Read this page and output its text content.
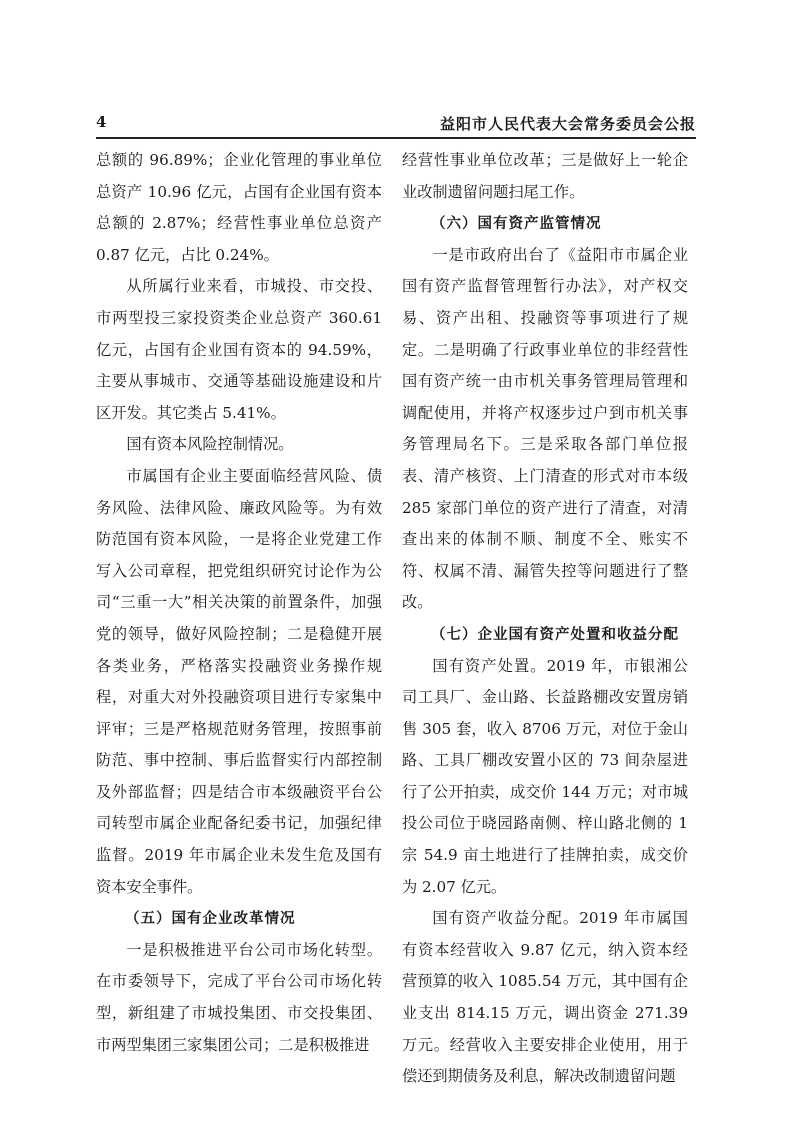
4	益阳市人民代表大会常务委员会公报

总额的 96.89%；企业化管理的事业单位总资产 10.96 亿元，占国有企业国有资本总额的 2.87%；经营性事业单位总资产 0.87 亿元，占比 0.24%。

从所属行业来看，市城投、市交投、市两型投三家投资类企业总资产 360.61 亿元，占国有企业国有资本的 94.59%，主要从事城市、交通等基础设施建设和片区开发。其它类占 5.41%。

国有资本风险控制情况。

市属国有企业主要面临经营风险、债务风险、法律风险、廉政风险等。为有效防范国有资本风险，一是将企业党建工作写入公司章程，把党组织研究讨论作为公司“三重一大”相关决策的前置条件，加强党的领导，做好风险控制；二是稳健开展各类业务，严格落实投融资业务操作规程，对重大对外投融资项目进行专家集中评审；三是严格规范财务管理，按照事前防范、事中控制、事后监督实行内部控制及外部监督；四是结合市本级融资平台公司转型市属企业配备纪委书记，加强纪律监督。2019 年市属企业未发生危及国有资本安全事件。

（五）国有企业改革情况

一是积极推进平台公司市场化转型。在市委领导下，完成了平台公司市场化转型，新组建了市城投集团、市交投集团、市两型集团三家集团公司；二是积极推进

经营性事业单位改革；三是做好上一轮企业改制遗留问题扫尾工作。

（六）国有资产监管情况

一是市政府出台了《益阳市市属企业国有资产监督管理暂行办法》，对产权交易、资产出租、投融资等事项进行了规定。二是明确了行政事业单位的非经营性国有资产统一由市机关事务管理局管理和调配使用，并将产权逐步过户到市机关事务管理局名下。三是采取各部门单位报表、清产核资、上门清查的形式对市本级 285 家部门单位的资产进行了清查，对清查出来的体制不顺、制度不全、账实不符、权属不清、漏管失控等问题进行了整改。

（七）企业国有资产处置和收益分配

国有资产处置。2019 年，市银湘公司工具厂、金山路、长益路棚改安置房销售 305 套，收入 8706 万元，对位于金山路、工具厂棚改安置小区的 73 间杂屋进行了公开拍卖，成交价 144 万元；对市城投公司位于晓园路南侧、梓山路北侧的 1 宗 54.9 亩土地进行了挂牌拍卖，成交价为 2.07 亿元。

国有资产收益分配。2019 年市属国有资本经营收入 9.87 亿元，纳入资本经营预算的收入 1085.54 万元，其中国有企业支出 814.15 万元，调出资金 271.39 万元。经营收入主要安排企业使用，用于偿还到期债务及利息，解决改制遗留问题
